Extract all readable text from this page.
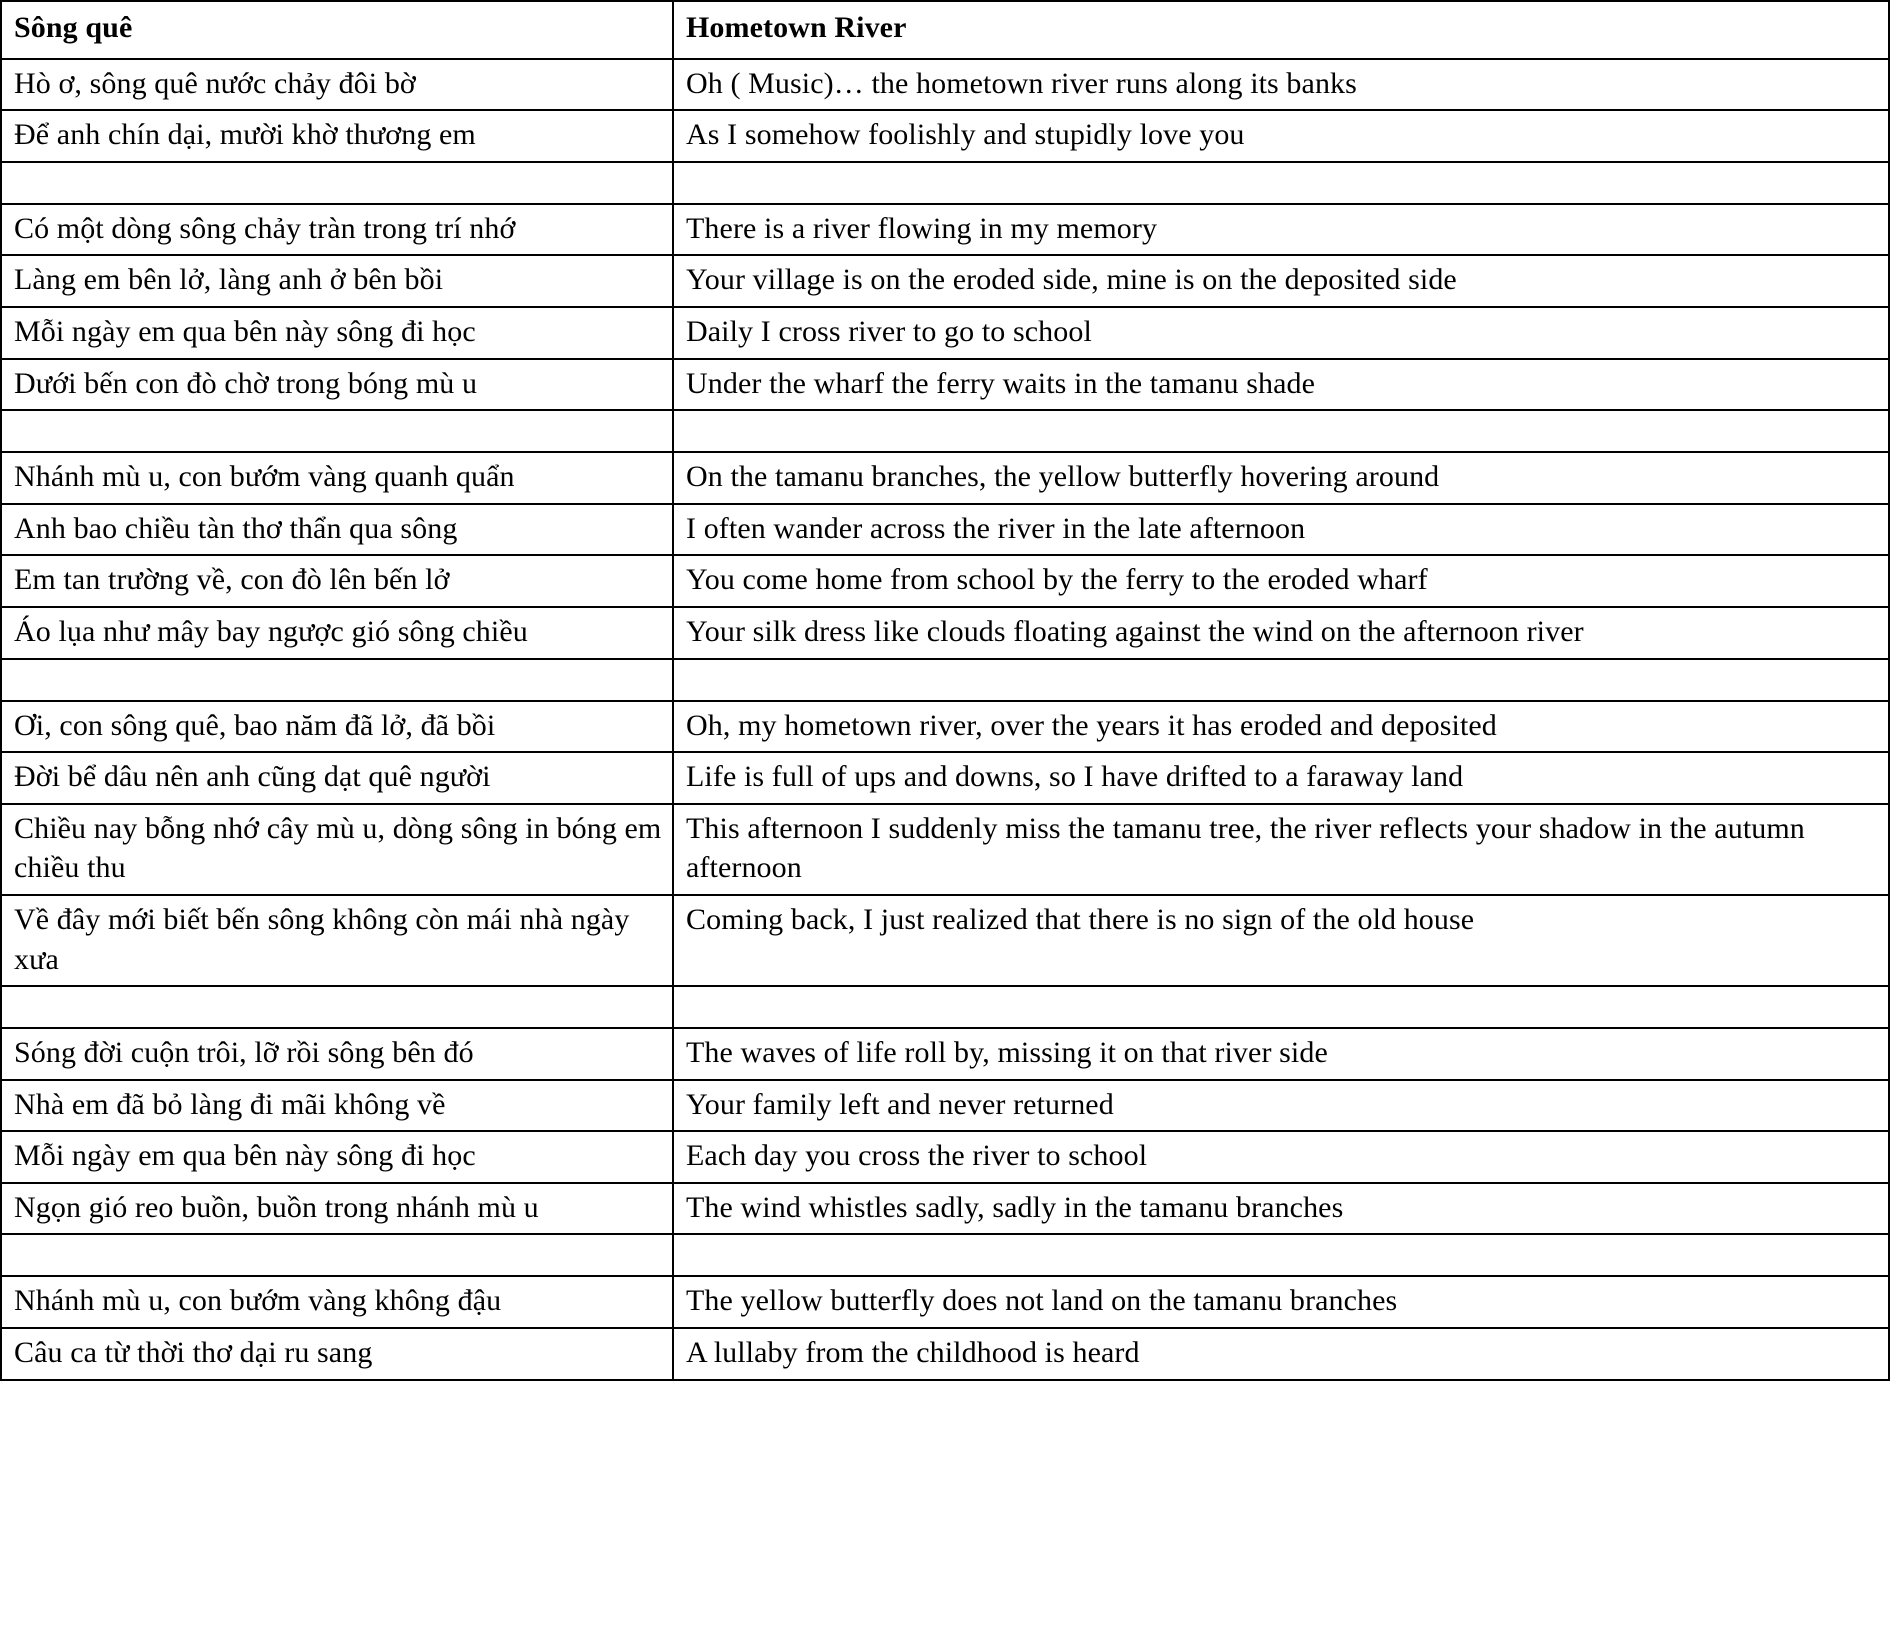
Sông quê	Hometown River
Hò ơ, sông quê nước chảy đôi bờ	Oh ( Music)… the hometown river runs along its banks
Để anh chín dại, mười khờ thương em	As I somehow foolishly and stupidly love you

Có một dòng sông chảy tràn trong trí nhớ	There is a river flowing in my memory
Làng em bên lở, làng anh ở bên bồi	Your village is on the eroded side, mine is on the deposited side
Mỗi ngày em qua bên này sông đi học	Daily I cross river to go to school
Dưới bến con đò chờ trong bóng mù u	Under the wharf the ferry waits in the tamanu shade

Nhánh mù u, con bướm vàng quanh quẩn	On the tamanu branches, the yellow butterfly hovering around
Anh bao chiều tàn thơ thẩn qua sông	I often wander across the river in the late afternoon
Em tan trường về, con đò lên bến lở	You come home from school by the ferry to the eroded wharf
Áo lụa như mây bay ngược gió sông chiều	Your silk dress like clouds floating against the wind on the afternoon river

Ơi, con sông quê, bao năm đã lở, đã bồi	Oh, my hometown river, over the years it has eroded and deposited
Đời bể dâu nên anh cũng dạt quê người	Life is full of ups and downs, so I have drifted to a faraway land
Chiều nay bỗng nhớ cây mù u, dòng sông in bóng em chiều thu	This afternoon I suddenly miss the tamanu tree, the river reflects your shadow in the autumn afternoon
Về đây mới biết bến sông không còn mái nhà ngày xưa	Coming back, I just realized that there is no sign of the old house

Sóng đời cuộn trôi, lỡ rồi sông bên đó	The waves of life roll by, missing it on that river side
Nhà em đã bỏ làng đi mãi không về	Your family left and never returned
Mỗi ngày em qua bên này sông đi học	Each day you cross the river to school
Ngọn gió reo buồn, buồn trong nhánh mù u	The wind whistles sadly, sadly in the tamanu branches

Nhánh mù u, con bướm vàng không đậu	The yellow butterfly does not land on the tamanu branches
Câu ca từ thời thơ dại ru sang	A lullaby from the childhood is heard
